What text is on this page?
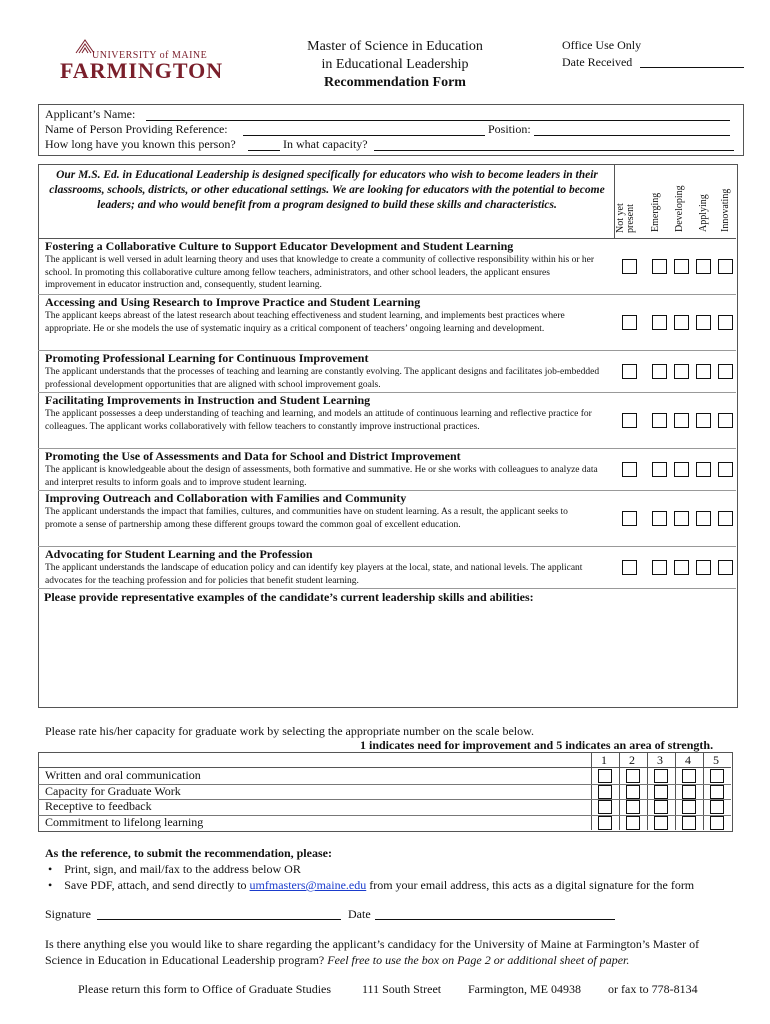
UNIVERSITY of MAINE
FARMINGTON
Master of Science in Education
in Educational Leadership
Recommendation Form
Office Use Only
Date Received
Applicant’s Name:
Name of Person Providing Reference:	Position:
How long have you known this person?	In what capacity?
Our M.S. Ed. in Educational Leadership is designed specifically for educators who wish to become leaders in their classrooms, schools, districts, or other educational settings. We are looking for educators with the potential to become leaders; and who would benefit from a program designed to build these skills and characteristics.	Not yet present Emerging Developing Applying Innovating
Fostering a Collaborative Culture to Support Educator Development and Student Learning
The applicant is well versed in adult learning theory and uses that knowledge to create a community of collective responsibility within his or her school. In promoting this collaborative culture among fellow teachers, administrators, and other school leaders, the applicant ensures improvement in educator instruction and, consequently, student learning.
Accessing and Using Research to Improve Practice and Student Learning
The applicant keeps abreast of the latest research about teaching effectiveness and student learning, and implements best practices where appropriate. He or she models the use of systematic inquiry as a critical component of teachers’ ongoing learning and development.
Promoting Professional Learning for Continuous Improvement
The applicant understands that the processes of teaching and learning are constantly evolving. The applicant designs and facilitates job-embedded professional development opportunities that are aligned with school improvement goals.
Facilitating Improvements in Instruction and Student Learning
The applicant possesses a deep understanding of teaching and learning, and models an attitude of continuous learning and reflective practice for colleagues. The applicant works collaboratively with fellow teachers to constantly improve instructional practices.
Promoting the Use of Assessments and Data for School and District Improvement
The applicant is knowledgeable about the design of assessments, both formative and summative. He or she works with colleagues to analyze data and interpret results to inform goals and to improve student learning.
Improving Outreach and Collaboration with Families and Community
The applicant understands the impact that families, cultures, and communities have on student learning. As a result, the applicant seeks to promote a sense of partnership among these different groups toward the common goal of excellent education.
Advocating for Student Learning and the Profession
The applicant understands the landscape of education policy and can identify key players at the local, state, and national levels. The applicant advocates for the teaching profession and for policies that benefit student learning.
Please provide representative examples of the candidate’s current leadership skills and abilities:
Please rate his/her capacity for graduate work by selecting the appropriate number on the scale below.
1 indicates need for improvement and 5 indicates an area of strength.
1 2 3 4 5
Written and oral communication
Capacity for Graduate Work
Receptive to feedback
Commitment to lifelong learning
As the reference, to submit the recommendation, please:
•    Print, sign, and mail/fax to the address below OR
•    Save PDF, attach, and send directly to umfmasters@maine.edu from your email address, this acts as a digital signature for the form
Signature	Date
Is there anything else you would like to share regarding the applicant’s candidacy for the University of Maine at Farmington’s Master of Science in Education in Educational Leadership program? Feel free to use the box on Page 2 or additional sheet of paper.
Please return this form to Office of Graduate Studies	111 South Street Farmington, ME 04938 or fax to 778-8134
